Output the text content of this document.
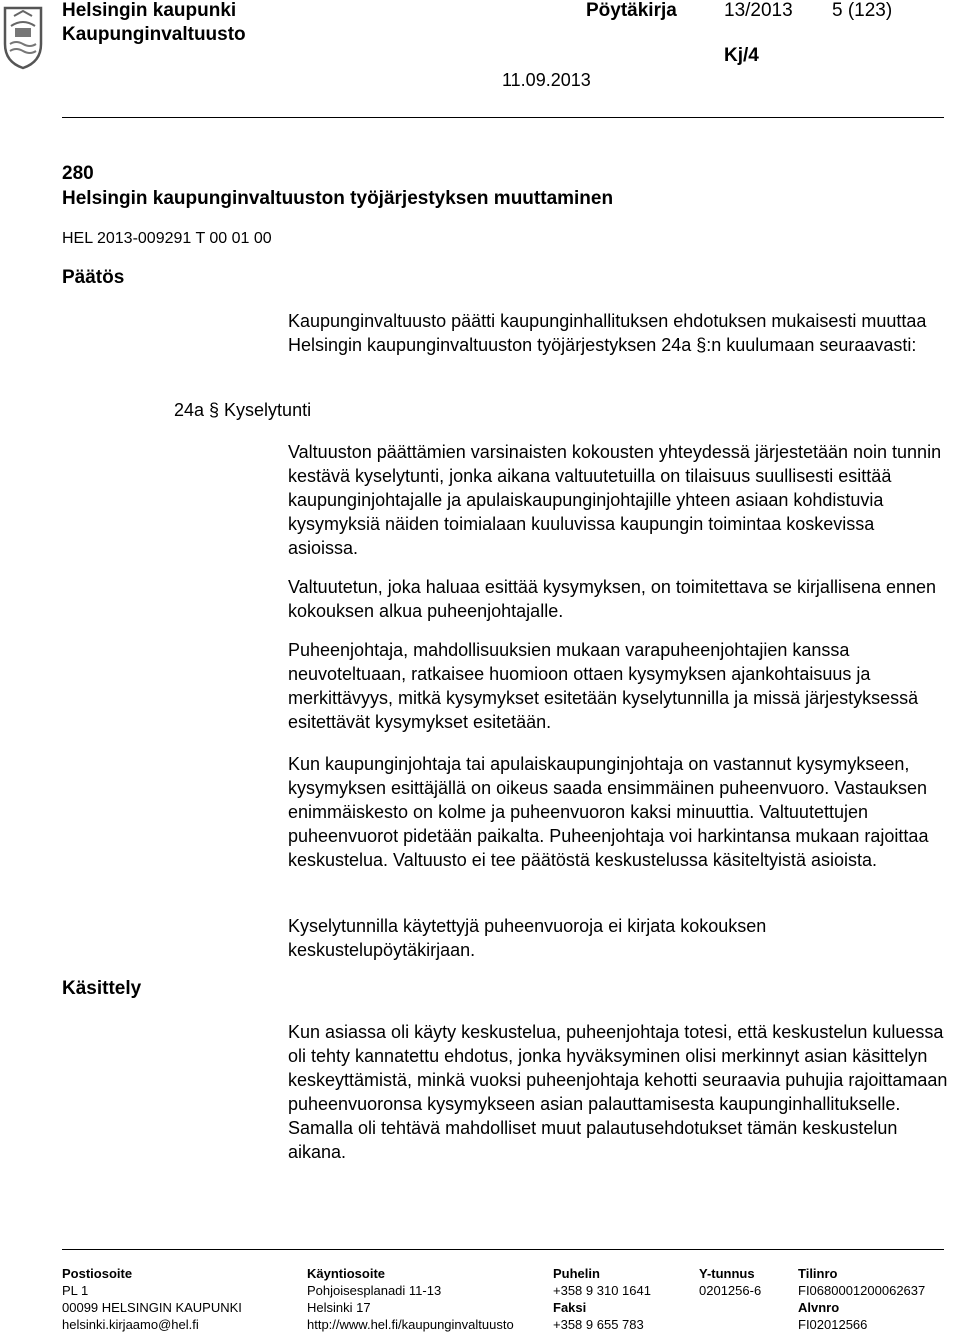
Helsingin kaupunki
Kaupunginvaltuusto
Pöytäkirja 13/2013 5 (123)
Kj/4
11.09.2013
280
Helsingin kaupunginvaltuuston työjärjestyksen muuttaminen
HEL 2013-009291 T 00 01 00
Päätös

Kaupunginvaltuusto päätti kaupunginhallituksen ehdotuksen mukaisesti muuttaa Helsingin kaupunginvaltuuston työjärjestyksen 24a §:n kuulumaan seuraavasti:

24a § Kyselytunti

Valtuuston päättämien varsinaisten kokousten yhteydessä järjestetään noin tunnin kestävä kyselytunti, jonka aikana valtuutetuilla on tilaisuus suullisesti esittää kaupunginjohtajalle ja apulaiskaupunginjohtajille yhteen asiaan kohdistuvia kysymyksiä näiden toimialaan kuuluvissa kaupungin toimintaa koskevissa asioissa.

Valtuutetun, joka haluaa esittää kysymyksen, on toimitettava se kirjallisena ennen kokouksen alkua puheenjohtajalle.

Puheenjohtaja, mahdollisuuksien mukaan varapuheenjohtajien kanssa neuvoteltuaan, ratkaisee huomioon ottaen kysymyksen ajankohtaisuus ja merkittävyys, mitkä kysymykset esitetään kyselytunnilla ja missä järjestyksessä esitettävät kysymykset esitetään.

Kun kaupunginjohtaja tai apulaiskaupunginjohtaja on vastannut kysymykseen, kysymyksen esittäjällä on oikeus saada ensimmäinen puheenvuoro. Vastauksen enimmäiskesto on kolme ja puheenvuoron kaksi minuuttia. Valtuutettujen puheenvuorot pidetään paikalta. Puheenjohtaja voi harkintansa mukaan rajoittaa keskustelua. Valtuusto ei tee päätöstä keskustelussa käsiteltyistä asioista.

Kyselytunnilla käytettyjä puheenvuoroja ei kirjata kokouksen keskustelupöytäkirjaan.

Käsittely

Kun asiassa oli käyty keskustelua, puheenjohtaja totesi, että keskustelun kuluessa oli tehty kannatettu ehdotus, jonka hyväksyminen olisi merkinnyt asian käsittelyn keskeyttämistä, minkä vuoksi puheenjohtaja kehotti seuraavia puhujia rajoittamaan puheenvuoronsa kysymykseen asian palauttamisesta kaupunginhallitukselle. Samalla oli tehtävä mahdolliset muut palautusehdotukset tämän keskustelun aikana.

Postiosoite
PL 1
00099 HELSINGIN KAUPUNKI
helsinki.kirjaamo@hel.fi
Käyntiosoite
Pohjoisesplanadi 11-13
Helsinki 17
http://www.hel.fi/kaupunginvaltuusto
Puhelin
+358 9 310 1641
Faksi
+358 9 655 783
Y-tunnus
0201256-6
Tilinro
FI0680001200062637
Alvnro
FI02012566
